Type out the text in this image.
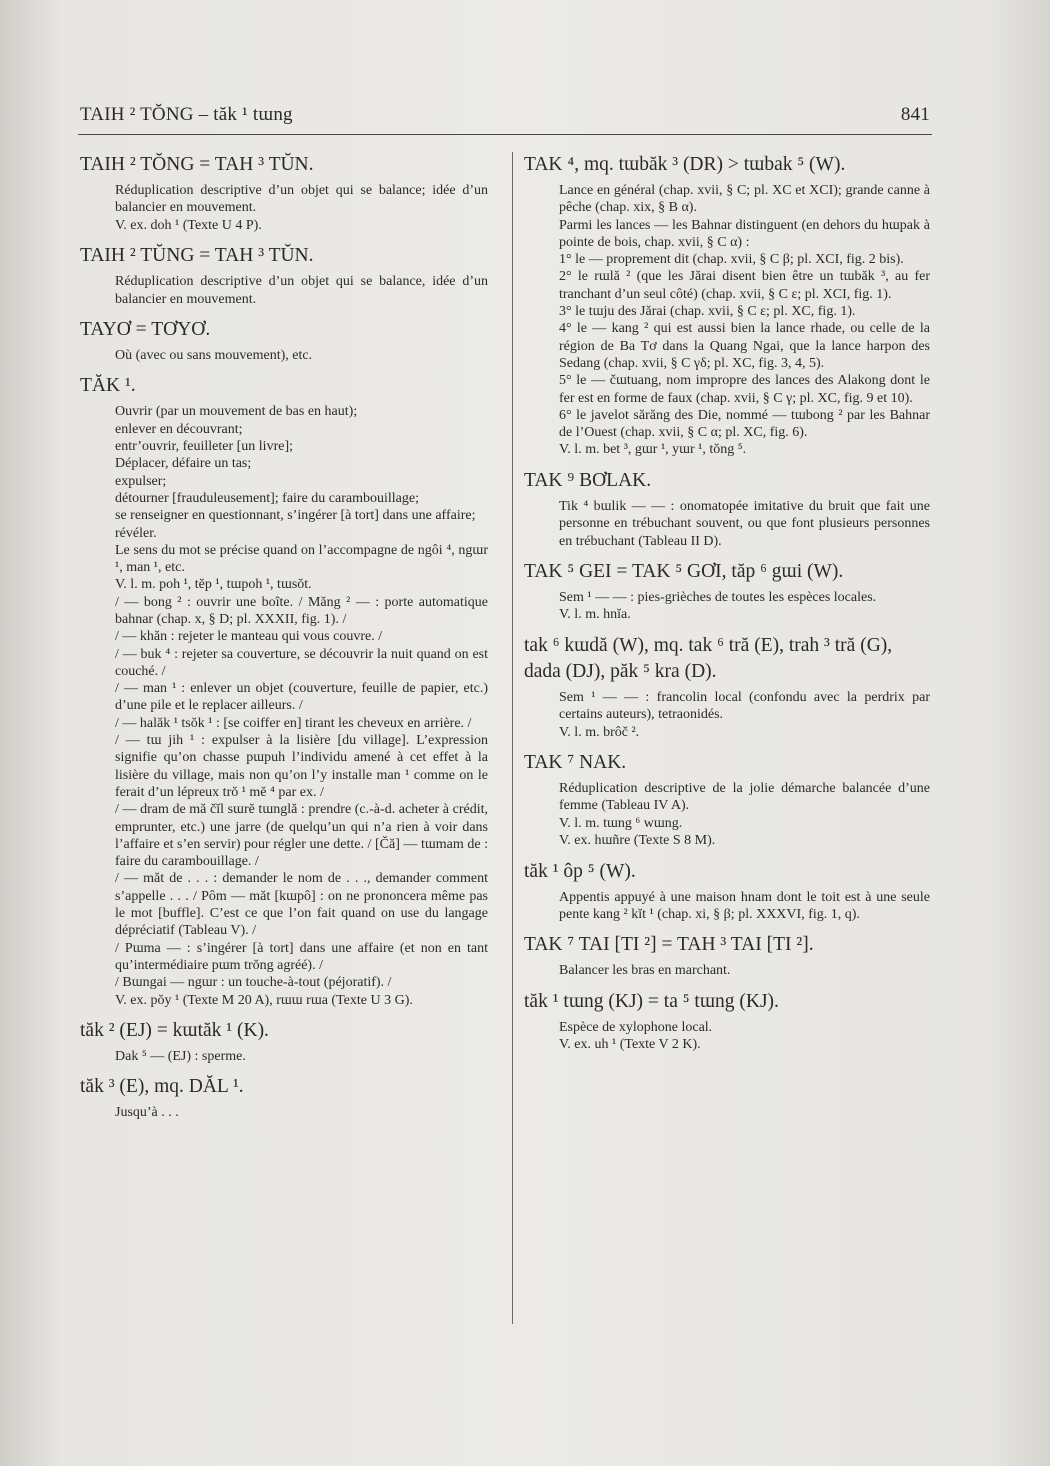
TAIH ² TŎNG – tăk ¹ tɯng	841
TAIH ² TŎNG = TAH ³ TŬN.

Réduplication descriptive d’un objet qui se balance; idée d’un balancier en mouvement.

V. ex. doh ¹ (Texte U 4 P).

TAIH ² TŬNG = TAH ³ TŬN.

Réduplication descriptive d’un objet qui se balance, idée d’un balancier en mouvement.

TAYƠ = TƠYƠ.

Où (avec ou sans mouvement), etc.

TĂK ¹.

Ouvrir (par un mouvement de bas en haut);

enlever en découvrant;

entr’ouvrir, feuilleter [un livre];

Déplacer, défaire un tas;

expulser;

détourner [frauduleusement]; faire du carambouillage;

se renseigner en questionnant, s’ingérer [à tort] dans une affaire;

révéler.

Le sens du mot se précise quand on l’accompagne de ngôi ⁴, ngɯr ¹, man ¹, etc.

V. l. m. poh ¹, tĕp ¹, tɯpoh ¹, tɯsŏt.

/ — bong ² : ouvrir une boîte. / Măng ² — : porte automatique bahnar (chap. x, § D; pl. XXXII, fig. 1). /

/ — khăn : rejeter le manteau qui vous couvre. /

/ — buk ⁴ : rejeter sa couverture, se découvrir la nuit quand on est couché. /

/ — man ¹ : enlever un objet (couverture, feuille de papier, etc.) d’une pile et le replacer ailleurs. /

/ — halăk ¹ tsŏk ¹ : [se coiffer en] tirant les cheveux en arrière. /

/ — tɯ jih ¹ : expulser à la lisière [du village]. L’expression signifie qu’on chasse pɯpuh l’individu amené à cet effet à la lisière du village, mais non qu’on l’y installe man ¹ comme on le ferait d’un lépreux trŏ ¹ mĕ ⁴ par ex. /

/ — dram de mă čĭl sɯrĕ tɯnglă : prendre (c.-à-d. acheter à crédit, emprunter, etc.) une jarre (de quelqu’un qui n’a rien à voir dans l’affaire et s’en servir) pour régler une dette. / [Čă] — tɯmam de : faire du carambouillage. /

/ — măt de . . . : demander le nom de . . ., demander comment s’appelle . . . / Pôm — măt [kɯpô] : on ne prononcera même pas le mot [buffle]. C’est ce que l’on fait quand on use du langage dépréciatif (Tableau V). /

/ Pɯma — : s’ingérer [à tort] dans une affaire (et non en tant qu’intermédiaire pɯm trŏng agréé). /

/ Bɯngai — ngɯr : un touche-à-tout (péjoratif). /

V. ex. pŏy ¹ (Texte M 20 A), rɯɯ rɯa (Texte U 3 G).

tăk ² (EJ) = kɯtăk ¹ (K).

Dak ⁵ — (EJ) : sperme.

tăk ³ (E), mq. DĂL ¹.

Jusqu’à . . .

TAK ⁴, mq. tɯbăk ³ (DR) > tɯbak ⁵ (W).

Lance en général (chap. xvii, § C; pl. XC et XCI); grande canne à pêche (chap. xix, § B α).

Parmi les lances — les Bahnar distinguent (en dehors du hɯpak à pointe de bois, chap. xvii, § C α) :

1° le — proprement dit (chap. xvii, § C β; pl. XCI, fig. 2 bis).

2° le rɯlă ² (que les Jărai disent bien être un tɯbăk ³, au fer tranchant d’un seul côté) (chap. xvii, § C ε; pl. XCI, fig. 1).

3° le tɯju des Jărai (chap. xvii, § C ε; pl. XC, fig. 1).

4° le — kang ² qui est aussi bien la lance rhade, ou celle de la région de Ba Tơ dans la Quang Ngai, que la lance harpon des Sedang (chap. xvii, § C γδ; pl. XC, fig. 3, 4, 5).

5° le — čɯtuang, nom impropre des lances des Alakong dont le fer est en forme de faux (chap. xvii, § C γ; pl. XC, fig. 9 et 10).

6° le javelot sărăng des Die, nommé — tɯbong ² par les Bahnar de l’Ouest (chap. xvii, § C α; pl. XC, fig. 6).

V. l. m. bet ³, gɯr ¹, yɯr ¹, tŏng ⁵.

TAK ⁹ BƠLAK.

Tik ⁴ bɯlik — — : onomatopée imitative du bruit que fait une personne en trébuchant souvent, ou que font plusieurs personnes en trébuchant (Tableau II D).

TAK ⁵ GEI = TAK ⁵ GƠI, tăp ⁶ gɯi (W).

Sem ¹ — — : pies-grièches de toutes les espèces locales.

V. l. m. hnĭa.

tak ⁶ kɯdă (W), mq. tak ⁶ tră (E), trah ³ tră (G), dada (DJ), păk ⁵ kra (D).

Sem ¹ — — : francolin local (confondu avec la perdrix par certains auteurs), tetraonidés.

V. l. m. brôč ².

TAK ⁷ NAK.

Réduplication descriptive de la jolie démarche balancée d’une femme (Tableau IV A).

V. l. m. tɯng ⁶ wɯng.

V. ex. hɯñre (Texte S 8 M).

tăk ¹ ôp ⁵ (W).

Appentis appuyé à une maison hnam dont le toit est à une seule pente kang ² kĭt ¹ (chap. xi, § β; pl. XXXVI, fig. 1, q).

TAK ⁷ TAI [TI ²] = TAH ³ TAI [TI ²].

Balancer les bras en marchant.

tăk ¹ tɯng (KJ) = ta ⁵ tɯng (KJ).

Espèce de xylophone local.

V. ex. uh ¹ (Texte V 2 K).
